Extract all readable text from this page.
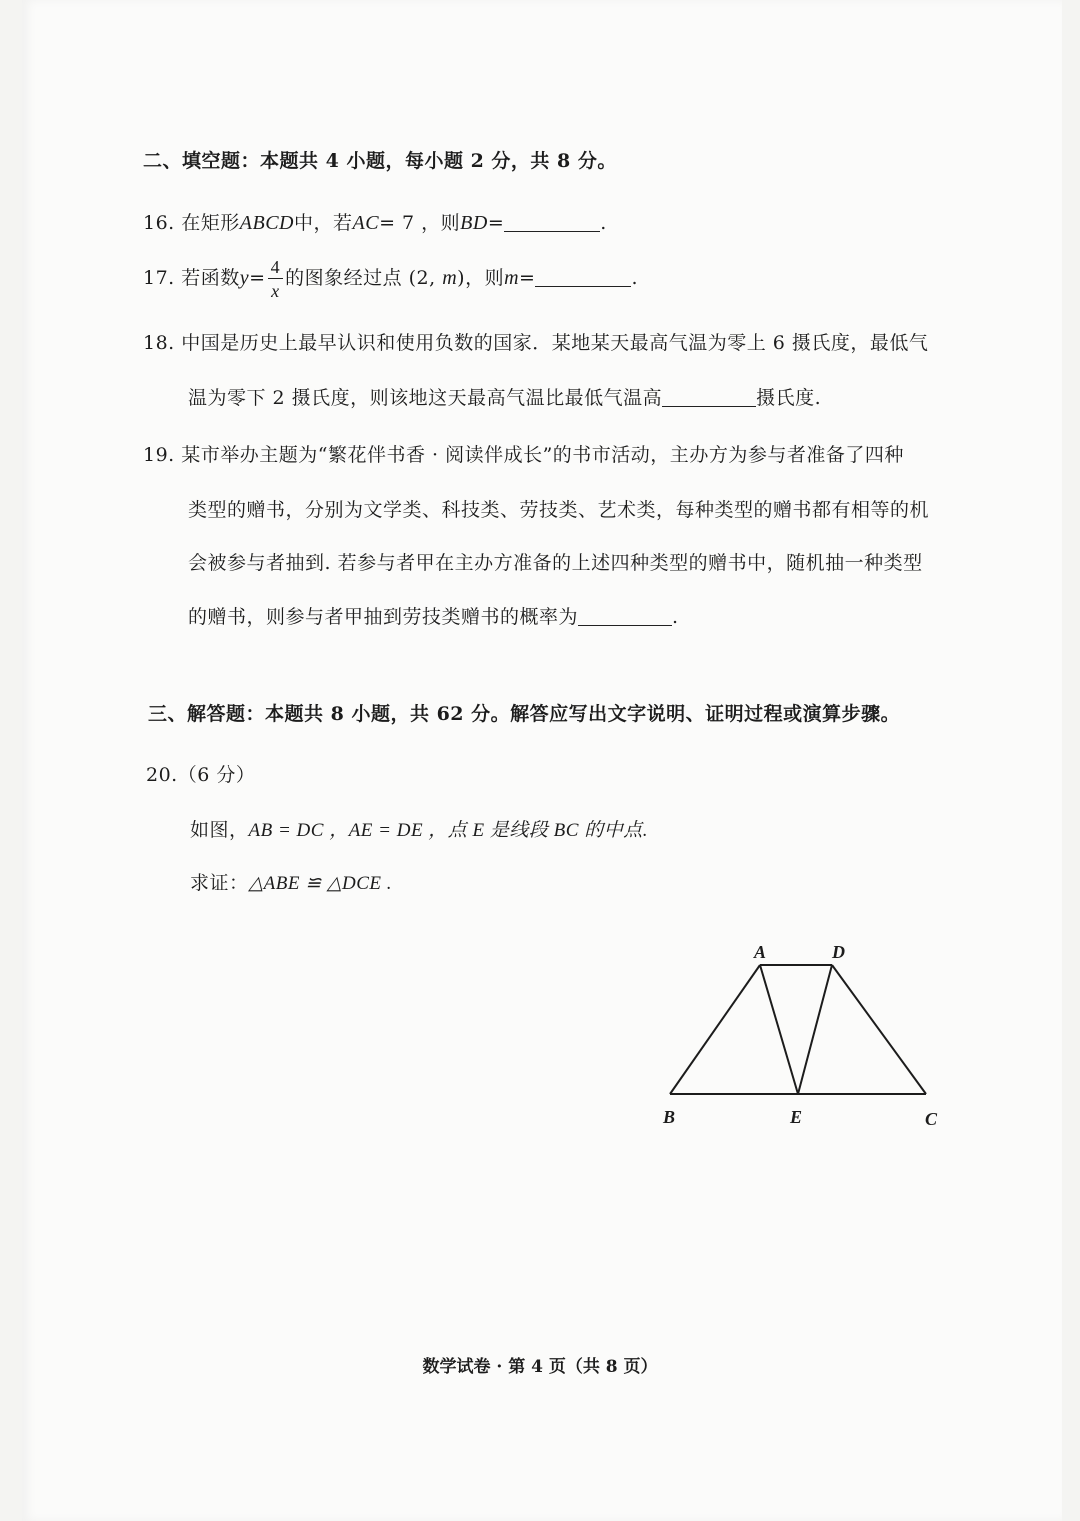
二、填空题：本题共 4 小题，每小题 2 分，共 8 分。
16. 在矩形ABCD中，若AC= 7 ，则BD=	.
17. 若函数$y= \frac{4}{x}$ 的图象经过点 (2, m)，则m=	.
18. 中国是历史上最早认识和使用负数的国家．某地某天最高气温为零上 6 摄氏度，最低气
温为零下 2 摄氏度，则该地这天最高气温比最低气温高	摄氏度.
19. 某市举办主题为“繁花伴书香 · 阅读伴成长”的书市活动，主办方为参与者准备了四种
类型的赠书，分别为文学类、科技类、劳技类、艺术类，每种类型的赠书都有相等的机
会被参与者抽到. 若参与者甲在主办方准备的上述四种类型的赠书中，随机抽一种类型
的赠书，则参与者甲抽到劳技类赠书的概率为	.
三、解答题：本题共 8 小题，共 62 分。解答应写出文字说明、证明过程或演算步骤。
20.（6 分）
如图，AB = DC ，AE = DE ，点 E 是线段 BC 的中点.
求证：△ABE ≌ △DCE .
A	D
B	E	C
数学试卷 · 第 4 页（共 8 页）
